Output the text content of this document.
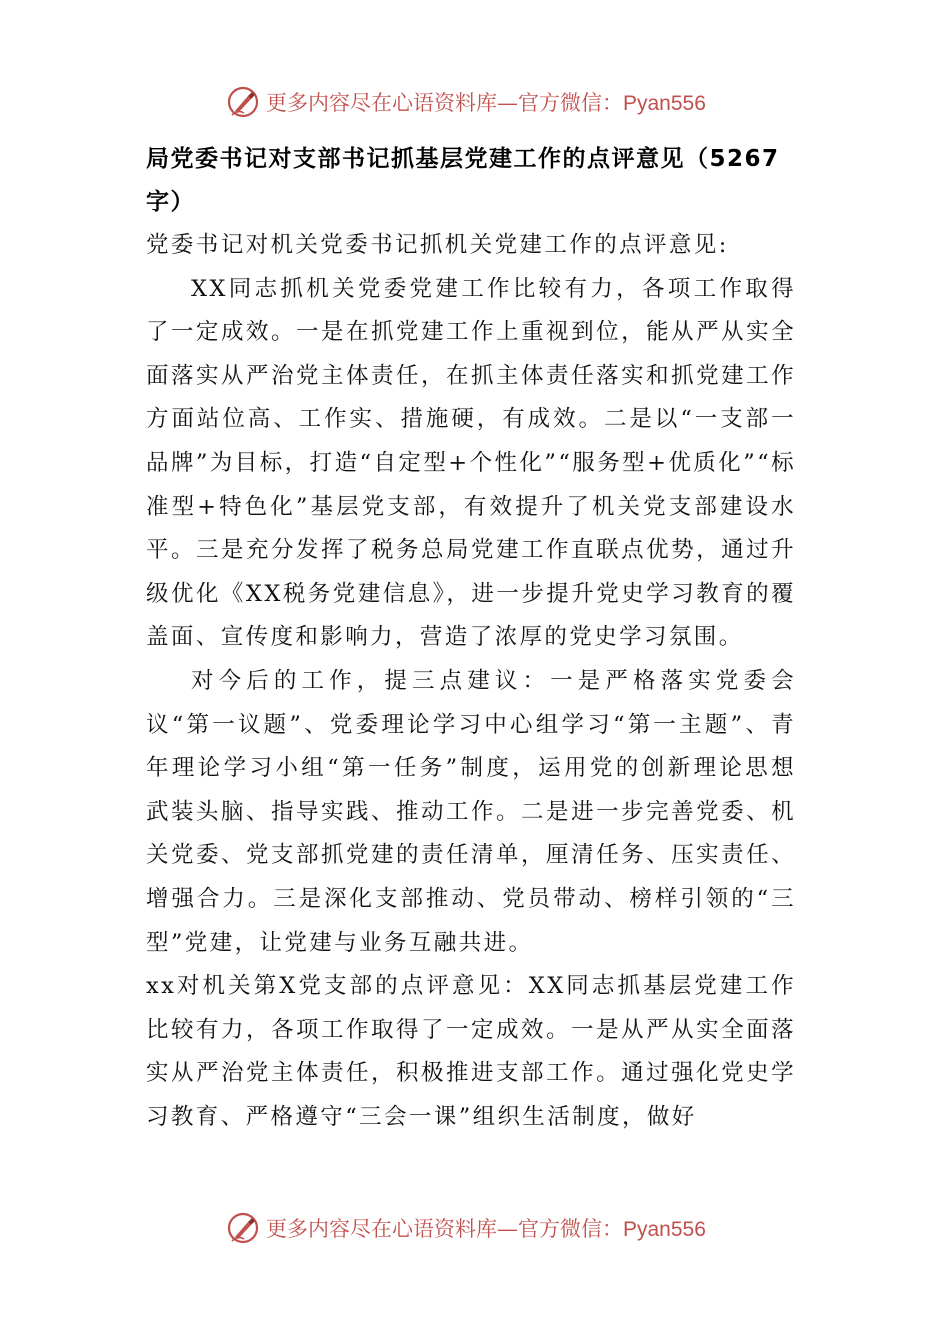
更多内容尽在心语资料库—官方微信：Pyan556

局党委书记对支部书记抓基层党建工作的点评意见（5267字）

党委书记对机关党委书记抓机关党建工作的点评意见:

XX同志抓机关党委党建工作比较有力，各项工作取得了一定成效。一是在抓党建工作上重视到位，能从严从实全面落实从严治党主体责任，在抓主体责任落实和抓党建工作方面站位高、工作实、措施硬，有成效。二是以“一支部一品牌”为目标，打造“自定型+个性化”“服务型+优质化”“标准型+特色化”基层党支部，有效提升了机关党支部建设水平。三是充分发挥了税务总局党建工作直联点优势，通过升级优化《XX税务党建信息》，进一步提升党史学习教育的覆盖面、宣传度和影响力，营造了浓厚的党史学习氛围。

对今后的工作，提三点建议：一是严格落实党委会议“第一议题”、党委理论学习中心组学习“第一主题”、青年理论学习小组“第一任务”制度，运用党的创新理论思想武装头脑、指导实践、推动工作。二是进一步完善党委、机关党委、党支部抓党建的责任清单，厘清任务、压实责任、增强合力。三是深化支部推动、党员带动、榜样引领的“三型”党建，让党建与业务互融共进。

xx对机关第X党支部的点评意见：XX同志抓基层党建工作比较有力，各项工作取得了一定成效。一是从严从实全面落实从严治党主体责任，积极推进支部工作。通过强化党史学习教育、严格遵守“三会一课”组织生活制度，做好

更多内容尽在心语资料库—官方微信：Pyan556
